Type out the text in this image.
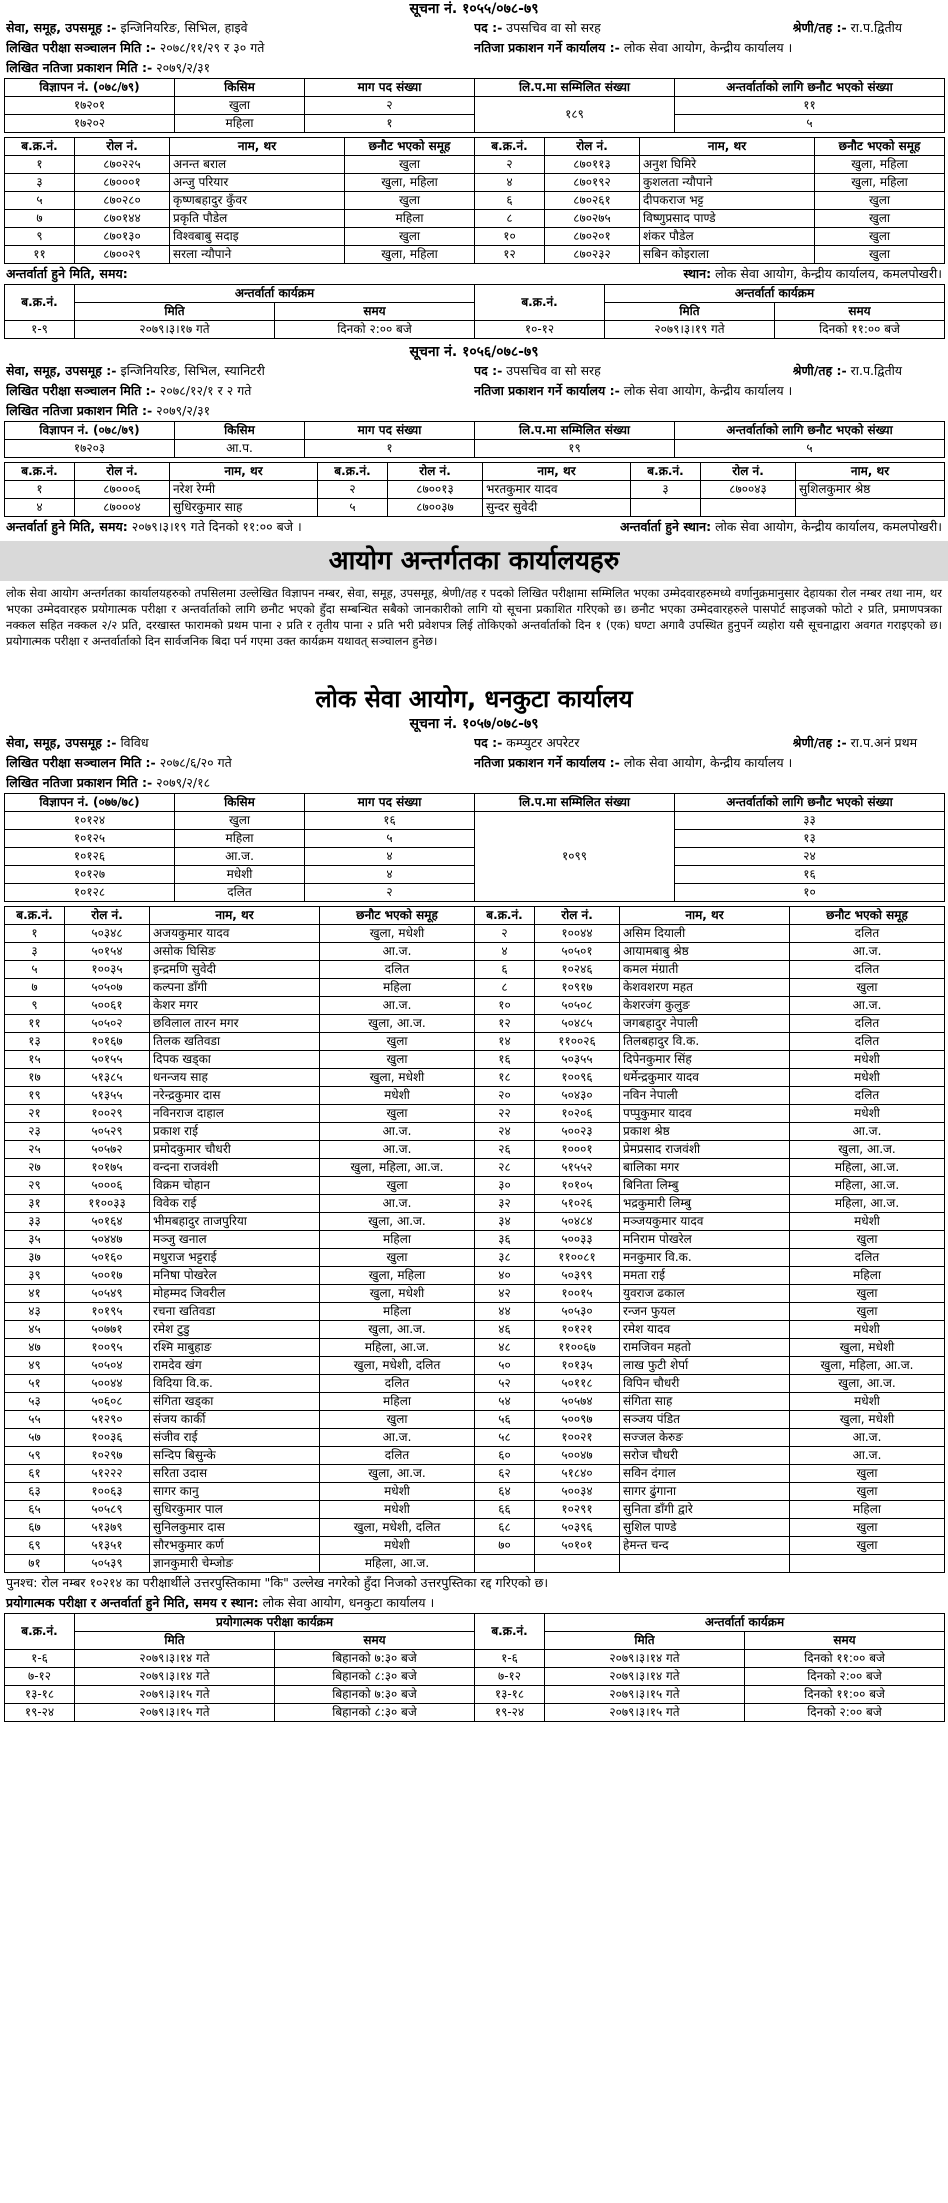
सूचना नं. १०५५/०७८-७९
सेवा, समूह, उपसमूह :- इन्जिनियरिङ, सिभिल, हाइवे	पद :- उपसचिव वा सो सरह	श्रेणी/तह :- रा.प.द्वितीय
लिखित परीक्षा सञ्चालन मिति :- २०७८/११/२९ र ३० गते	नतिजा प्रकाशन गर्ने कार्यालय :- लोक सेवा आयोग, केन्द्रीय कार्यालय ।
लिखित नतिजा प्रकाशन मिति :- २०७९/२/३१
विज्ञापन नं. (०७८/७९)	किसिम	माग पद संख्या	लि.प.मा सम्मिलित संख्या	अन्तर्वार्ताको लागि छनौट भएको संख्या
१७२०१	खुला	२	१८९	११
१७२०२	महिला	१		५
ब.क्र.नं.	रोल नं.	नाम, थर	छनौट भएको समूह	ब.क्र.नं.	रोल नं.	नाम, थर	छनौट भएको समूह
१	८७०२२५	अनन्त बराल	खुला	२	८७०११३	अनुश घिमिरे	खुला, महिला
३	८७०००१	अन्जु परियार	खुला, महिला	४	८७०१९२	कुशलता न्यौपाने	खुला, महिला
५	८७०२८०	कृष्णबहादुर कुँवर	खुला	६	८७०२६१	दीपकराज भट्ट	खुला
७	८७०१४४	प्रकृति पौडेल	महिला	८	८७०२७५	विष्णुप्रसाद पाण्डे	खुला
९	८७०१३०	विश्वबाबु सदाइ	खुला	१०	८७०२०१	शंकर पौडेल	खुला
११	८७००२९	सरला न्यौपाने	खुला, महिला	१२	८७०२३२	सबिन कोइराला	खुला
अन्तर्वार्ता हुने मिति, समय:	स्थान: लोक सेवा आयोग, केन्द्रीय कार्यालय, कमलपोखरी।
ब.क्र.नं.	अन्तर्वार्ता कार्यक्रम		ब.क्र.नं.	अन्तर्वार्ता कार्यक्रम	
	मिति	समय		मिति	समय
१-९	२०७९।३।१७ गते	दिनको २:०० बजे	१०-१२	२०७९।३।१९ गते	दिनको ११:०० बजे
सूचना नं. १०५६/०७८-७९
सेवा, समूह, उपसमूह :- इन्जिनियरिङ, सिभिल, स्यानिटरी	पद :- उपसचिव वा सो सरह	श्रेणी/तह :- रा.प.द्वितीय
लिखित परीक्षा सञ्चालन मिति :- २०७८/१२/१ र २ गते	नतिजा प्रकाशन गर्ने कार्यालय :- लोक सेवा आयोग, केन्द्रीय कार्यालय ।
लिखित नतिजा प्रकाशन मिति :- २०७९/२/३१
विज्ञापन नं. (०७८/७९)	किसिम	माग पद संख्या	लि.प.मा सम्मिलित संख्या	अन्तर्वार्ताको लागि छनौट भएको संख्या
१७२०३	आ.प.	१	१९	५
ब.क्र.नं.	रोल नं.	नाम, थर	ब.क्र.नं.	रोल नं.	नाम, थर	ब.क्र.नं.	रोल नं.	नाम, थर
१	८७०००६	नरेश रेग्मी	२	८७००१३	भरतकुमार यादव	३	८७००४३	सुशिलकुमार श्रेष्ठ
४	८७०००४	सुधिरकुमार साह	५	८७००३७	सुन्दर सुवेदी			
अन्तर्वार्ता हुने मिति, समय: २०७९।३।१९ गते दिनको ११:०० बजे ।	अन्तर्वार्ता हुने स्थान: लोक सेवा आयोग, केन्द्रीय कार्यालय, कमलपोखरी।
आयोग अन्तर्गतका कार्यालयहरु
लोक सेवा आयोग अन्तर्गतका कार्यालयहरुको तपसिलमा उल्लेखित विज्ञापन नम्बर, सेवा, समूह, उपसमूह, श्रेणी/तह र पदको लिखित परीक्षामा सम्मिलित भएका उम्मेदवारहरुमध्ये वर्णानुक्रमानुसार देहायका रोल नम्बर तथा नाम, थर भएका उम्मेदवारहरु प्रयोगात्मक परीक्षा र अन्तर्वार्ताको लागि छनौट भएको हुँदा सम्बन्धित सबैको जानकारीको लागि यो सूचना प्रकाशित गरिएको छ। छनौट भएका उम्मेदवारहरुले पासपोर्ट साइजको फोटो २ प्रति, प्रमाणपत्रका नक्कल सहित नक्कल २/२ प्रति, दरखास्त फारामको प्रथम पाना २ प्रति र तृतीय पाना २ प्रति भरी प्रवेशपत्र लिई तोकिएको अन्तर्वार्ताको दिन १ (एक) घण्टा अगावै उपस्थित हुनुपर्ने व्यहोरा यसै सूचनाद्वारा अवगत गराइएको छ। प्रयोगात्मक परीक्षा र अन्तर्वार्ताको दिन सार्वजनिक बिदा पर्न गएमा उक्त कार्यक्रम यथावत् सञ्चालन हुनेछ।
लोक सेवा आयोग, धनकुटा कार्यालय
सूचना नं. १०५७/०७८-७९
सेवा, समूह, उपसमूह :- विविध	पद :- कम्प्युटर अपरेटर	श्रेणी/तह :- रा.प.अनं प्रथम
लिखित परीक्षा सञ्चालन मिति :- २०७८/६/२० गते	नतिजा प्रकाशन गर्ने कार्यालय :- लोक सेवा आयोग, केन्द्रीय कार्यालय ।
लिखित नतिजा प्रकाशन मिति :- २०७९/२/१८
विज्ञापन नं. (०७७/७८)	किसिम	माग पद संख्या	लि.प.मा सम्मिलित संख्या	अन्तर्वार्ताको लागि छनौट भएको संख्या
१०१२४	खुला	१६	१०९९	३३
१०१२५	महिला	५		१३
१०१२६	आ.ज.	४		२४
१०१२७	मधेशी	४		१६
१०१२८	दलित	२		१०
ब.क्र.नं.	रोल नं.	नाम, थर	छनौट भएको समूह	ब.क्र.नं.	रोल नं.	नाम, थर	छनौट भएको समूह
१	५०३४८	अजयकुमार यादव	खुला, मधेशी	२	१००४४	असिम दियाली	दलित
३	५०१५४	असोक घिसिङ	आ.ज.	४	५०५०१	आयामबाबु श्रेष्ठ	आ.ज.
५	१००३५	इन्द्रमणि सुवेदी	दलित	६	१०२४६	कमल मंग्राती	दलित
७	५०५०७	कल्पना डाँगी	महिला	८	१०९१७	केशवशरण महत	खुला
९	५००६१	केशर मगर	आ.ज.	१०	५०५०८	केशरजंग कुलुङ	आ.ज.
११	५०५०२	छविलाल तारन मगर	खुला, आ.ज.	१२	५०४८५	जगबहादुर नेपाली	दलित
१३	१०१६७	तिलक खतिवडा	खुला	१४	११००२६	तिलबहादुर वि.क.	दलित
१५	५०१५५	दिपक खड्का	खुला	१६	५०३५५	दिपेनकुमार सिंह	मधेशी
१७	५१३८५	धनन्जय साह	खुला, मधेशी	१८	१००९६	धर्मेन्द्रकुमार यादव	मधेशी
१९	५१३५५	नरेन्द्रकुमार दास	मधेशी	२०	५०४३०	नविन नेपाली	दलित
२१	१००२९	नविनराज दाहाल	खुला	२२	१०२०६	पप्पुकुमार यादव	मधेशी
२३	५०५२९	प्रकाश राई	आ.ज.	२४	५००२३	प्रकाश श्रेष्ठ	आ.ज.
२५	५०५७२	प्रमोदकुमार चौधरी	आ.ज.	२६	१०००१	प्रेमप्रसाद राजवंशी	खुला, आ.ज.
२७	१०१७५	वन्दना राजवंशी	खुला, महिला, आ.ज.	२८	५१५५२	बालिका मगर	महिला, आ.ज.
२९	५०००६	विक्रम चोहान	खुला	३०	१०१०५	बिनिता लिम्बु	महिला, आ.ज.
३१	११००३३	विवेक राई	आ.ज.	३२	५१०२६	भद्रकुमारी लिम्बु	महिला, आ.ज.
३३	५०१६४	भीमबहादुर ताजपुरिया	खुला, आ.ज.	३४	५०४८४	मञ्जयकुमार यादव	मधेशी
३५	५०४४७	मञ्जु खनाल	महिला	३६	५००३३	मनिराम पोखरेल	खुला
३७	५०१६०	मधुराज भट्टराई	खुला	३८	११००८१	मनकुमार वि.क.	दलित
३९	५००१७	मनिषा पोखरेल	खुला, महिला	४०	५०३९९	ममता राई	महिला
४१	५०५४९	मोहम्मद जिवरील	खुला, मधेशी	४२	१००१५	युवराज ढकाल	खुला
४३	१०१९५	रचना खतिवडा	महिला	४४	५०५३०	रन्जन फुयल	खुला
४५	५०७७१	रमेश टुडु	खुला, आ.ज.	४६	१०१२१	रमेश यादव	मधेशी
४७	१००९५	रश्मि माबुहाङ	महिला, आ.ज.	४८	११००६७	रामजिवन महतो	खुला, मधेशी
४९	५०५०४	रामदेव खंग	खुला, मधेशी, दलित	५०	१०१३५	लाख फुटी शेर्पा	खुला, महिला, आ.ज.
५१	५००४४	विदिया वि.क.	दलित	५२	५०११८	विपिन चौधरी	खुला, आ.ज.
५३	५०६०८	संगिता खड्का	महिला	५४	५०५७४	संगिता साह	मधेशी
५५	५१२९०	संजय कार्की	खुला	५६	५००९७	सञ्जय पंडित	खुला, मधेशी
५७	१००३६	संजीव राई	आ.ज.	५८	१००२१	सज्जल केरुङ	आ.ज.
५९	१०२९७	सन्दिप बिसुन्के	दलित	६०	५००४७	सरोज चौधरी	आ.ज.
६१	५१२२२	सरिता उदास	खुला, आ.ज.	६२	५१८४०	सविन दंगाल	खुला
६३	१००६३	सागर कानु	मधेशी	६४	५००३४	सागर ढुंगाना	खुला
६५	५०५८९	सुधिरकुमार पाल	मधेशी	६६	१०२९१	सुनिता डाँगी द्वारे	महिला
६७	५१३७९	सुनिलकुमार दास	खुला, मधेशी, दलित	६८	५०३९६	सुशिल पाण्डे	खुला
६९	५१३५१	सौरभकुमार कर्ण	मधेशी	७०	५०१०१	हेमन्त चन्द	खुला
७१	५०५३९	ज्ञानकुमारी चेम्जोङ	महिला, आ.ज.				
पुनश्च: रोल नम्बर १०२१४ का परीक्षार्थीले उत्तरपुस्तिकामा "कि" उल्लेख नगरेको हुँदा निजको उत्तरपुस्तिका रद्द गरिएको छ।
प्रयोगात्मक परीक्षा र अन्तर्वार्ता हुने मिति, समय र स्थान: लोक सेवा आयोग, धनकुटा कार्यालय ।
ब.क्र.नं.	प्रयोगात्मक परीक्षा कार्यक्रम		ब.क्र.नं.	अन्तर्वार्ता कार्यक्रम	
	मिति	समय		मिति	समय
१-६	२०७९।३।१४ गते	बिहानको ७:३० बजे	१-६	२०७९।३।१४ गते	दिनको ११:०० बजे
७-१२	२०७९।३।१४ गते	बिहानको ८:३० बजे	७-१२	२०७९।३।१४ गते	दिनको २:०० बजे
१३-१८	२०७९।३।१५ गते	बिहानको ७:३० बजे	१३-१८	२०७९।३।१५ गते	दिनको ११:०० बजे
१९-२४	२०७९।३।१५ गते	बिहानको ८:३० बजे	१९-२४	२०७९।३।१५ गते	दिनको २:०० बजे
